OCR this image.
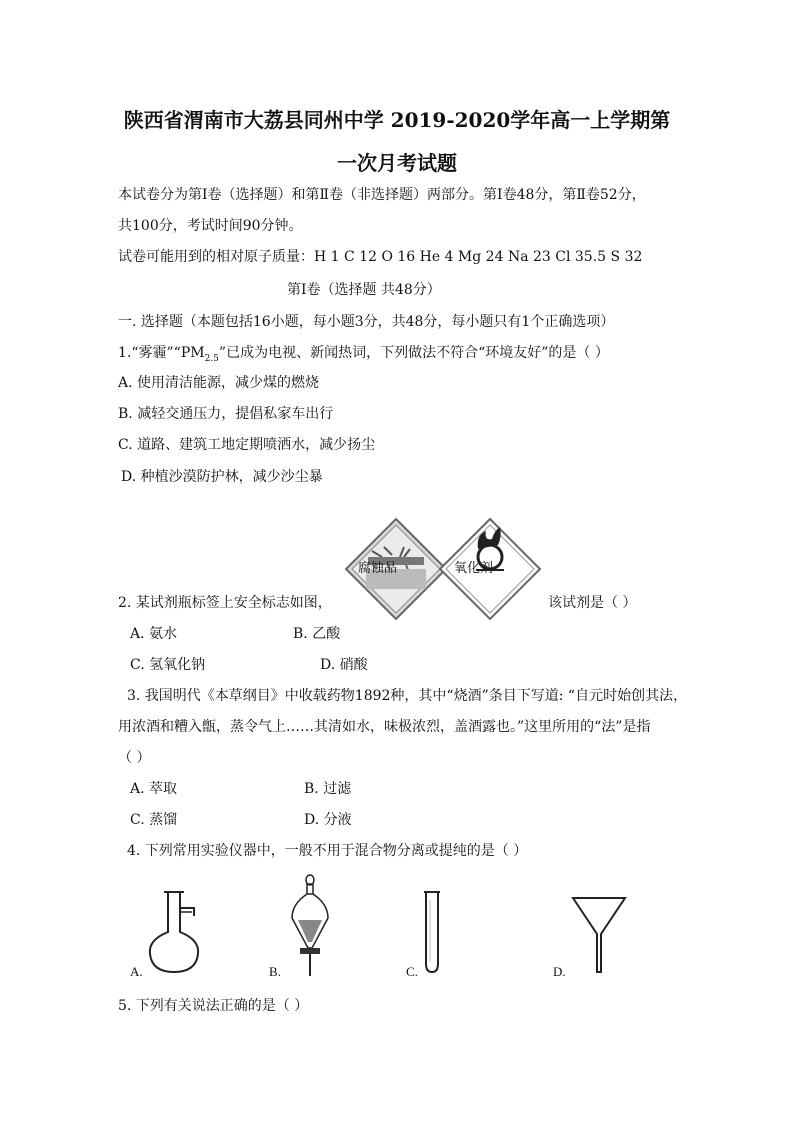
陕西省渭南市大荔县同州中学 2019-2020学年高一上学期第
一次月考试题
本试卷分为第Ⅰ卷（选择题）和第Ⅱ卷（非选择题）两部分。第Ⅰ卷48分，第Ⅱ卷52分，
共100分，考试时间90分钟。
试卷可能用到的相对原子质量：H 1 C 12 O 16 He 4 Mg 24 Na 23 Cl 35.5 S 32
第Ⅰ卷（选择题 共48分）
一. 选择题（本题包括16小题，每小题3分，共48分，每小题只有1个正确选项）
1.“雾霾$”“PM_{2.5}$”已成为电视、新闻热词，下列做法不符合“环境友好”的是（ ）
A. 使用清洁能源，减少煤的燃烧
B. 减轻交通压力，提倡私家车出行
C. 道路、建筑工地定期喷洒水，减少扬尘
D. 种植沙漠防护林，减少沙尘暴
腐蚀品	氧化剂
2. 某试剂瓶标签上安全标志如图，	该试剂是（ ）
A. 氨水	B. 乙酸
C. 氢氧化钠	D. 硝酸
3. 我国明代《本草纲目》中收载药物1892种，其中“烧酒”条目下写道: “自元时始创其法，
用浓酒和糟入甑，蒸令气上……其清如水，味极浓烈，盖酒露也。”这里所用的“法”是指
（ ）
A. 萃取	B. 过滤
C. 蒸馏	D. 分液
4. 下列常用实验仪器中，一般不用于混合物分离或提纯的是（ ）
A.	B.	C.	D.
5. 下列有关说法正确的是（ ）
